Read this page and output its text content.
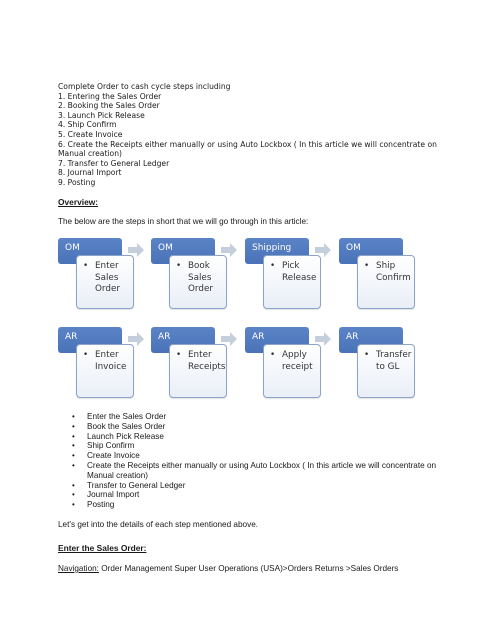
Complete Order to cash cycle steps including
1. Entering the Sales Order
2. Booking the Sales Order
3. Launch Pick Release
4. Ship Confirm
5. Create Invoice
6. Create the Receipts either manually or using Auto Lockbox ( In this article we will concentrate on Manual creation)
7. Transfer to General Ledger
8. Journal Import
9. Posting
Overview:
The below are the steps in short that we will go through in this article:
OM
• Enter
Sales
Order
OM
• Book
Sales
Order
Shipping
• Pick
Release
OM
• Ship
Confirm
AR
• Enter
Invoice
AR
• Enter
Receipts
AR
• Apply
receipt
AR
• Transfer
to GL
• Enter the Sales Order
• Book the Sales Order
• Launch Pick Release
• Ship Confirm
• Create Invoice
• Create the Receipts either manually or using Auto Lockbox ( In this article we will concentrate on Manual creation)
• Transfer to General Ledger
• Journal Import
• Posting
Let's get into the details of each step mentioned above.
Enter the Sales Order:
Navigation: Order Management Super User Operations (USA)>Orders Returns >Sales Orders
